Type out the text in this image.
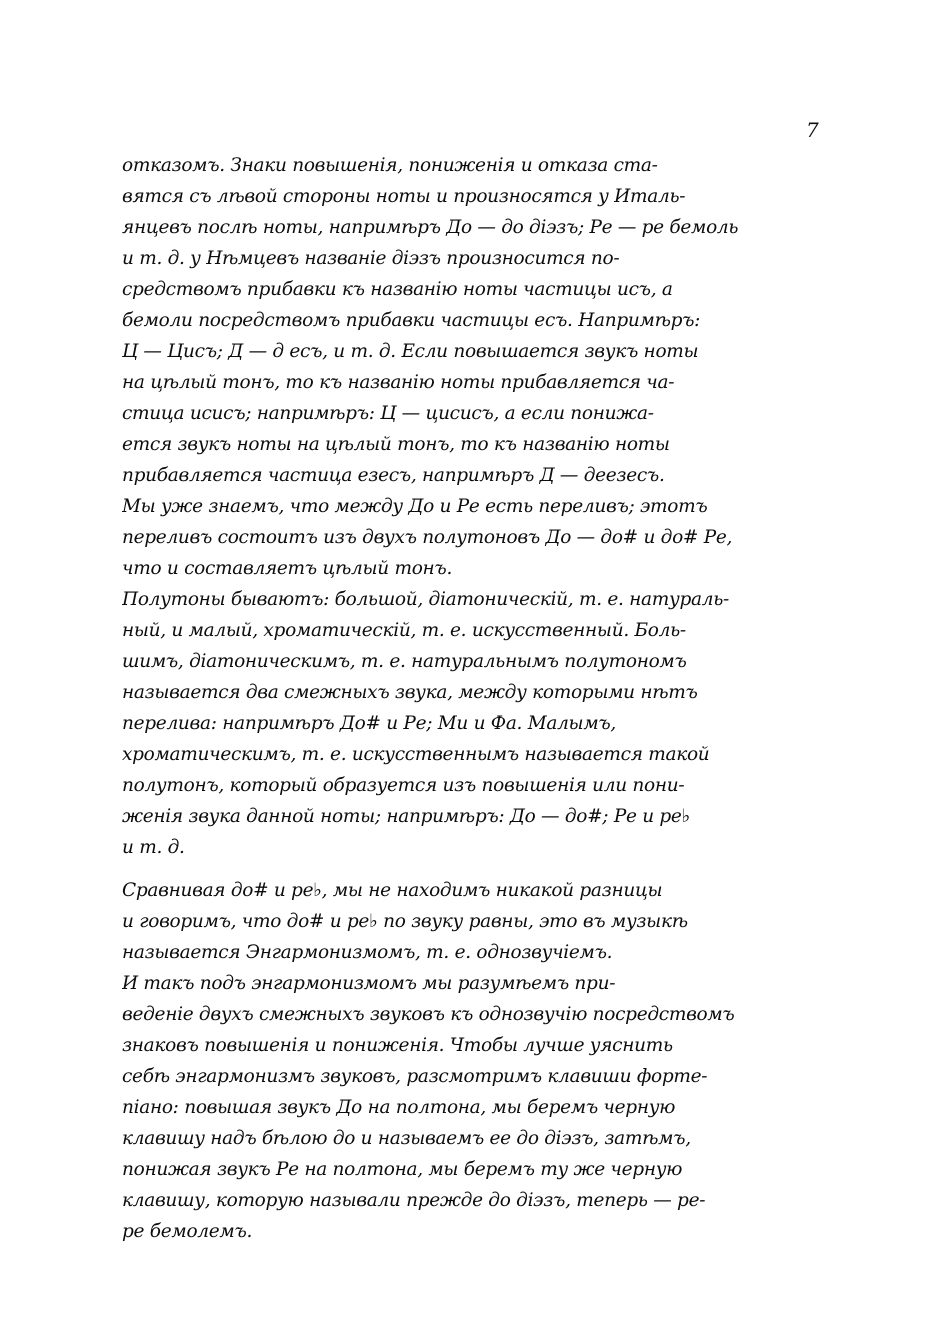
7
отказомъ. Знаки повышенія, пониженія и отказа ста-
вятся съ лѣвой стороны ноты и произносятся у Италь-
янцевъ послѣ ноты, напримѣръ До — до діэзъ; Ре — ре бемоль
и т. д. у Нѣмцевъ названіе діэзъ произносится по-
средствомъ прибавки къ названію ноты частицы исъ, а
бемоли посредствомъ прибавки частицы есъ. Напримѣръ:
Ц — Цисъ; Д — д есъ, и т. д. Если повышается звукъ ноты
на цѣлый тонъ, то къ названію ноты прибавляется ча-
стица исисъ; напримѣръ: Ц — цисисъ, а если понижа-
ется звукъ ноты на цѣлый тонъ, то къ названію ноты
прибавляется частица езесъ, напримѣръ Д — деезесъ.
Мы уже знаемъ, что между До и Ре есть переливъ; этотъ
переливъ состоитъ изъ двухъ полутоновъ До — до# и до# Ре,
что и составляетъ цѣлый тонъ.
Полутоны бываютъ: большой, діатоническій, т. е. натураль-
ный, и малый, хроматическій, т. е. искусственный. Боль-
шимъ, діатоническимъ, т. е. натуральнымъ полутономъ
называется два смежныхъ звука, между которыми нѣтъ
перелива: напримѣръ До# и Ре; Ми и Фа. Малымъ,
хроматическимъ, т. е. искусственнымъ называется такой
полутонъ, который образуется изъ повышенія или пони-
женія звука данной ноты; напримѣръ: До — до#; Ре и ре♭
и т. д.
Сравнивая до# и ре♭, мы не находимъ никакой разницы
и говоримъ, что до# и ре♭ по звуку равны, это въ музыкѣ
называется Энгармонизмомъ, т. е. однозвучіемъ.
И такъ подъ энгармонизмомъ мы разумѣемъ при-
веденіе двухъ смежныхъ звуковъ къ однозвучію посредствомъ
знаковъ повышенія и пониженія. Чтобы лучше уяснить
себѣ энгармонизмъ звуковъ, разсмотримъ клавиши форте-
піано: повышая звукъ До на полтона, мы беремъ черную
клавишу надъ бѣлою до и называемъ ее до діэзъ, затѣмъ,
понижая звукъ Ре на полтона, мы беремъ ту же черную
клавишу, которую называли прежде до діэзъ, теперь — ре-
ре бемолемъ.
